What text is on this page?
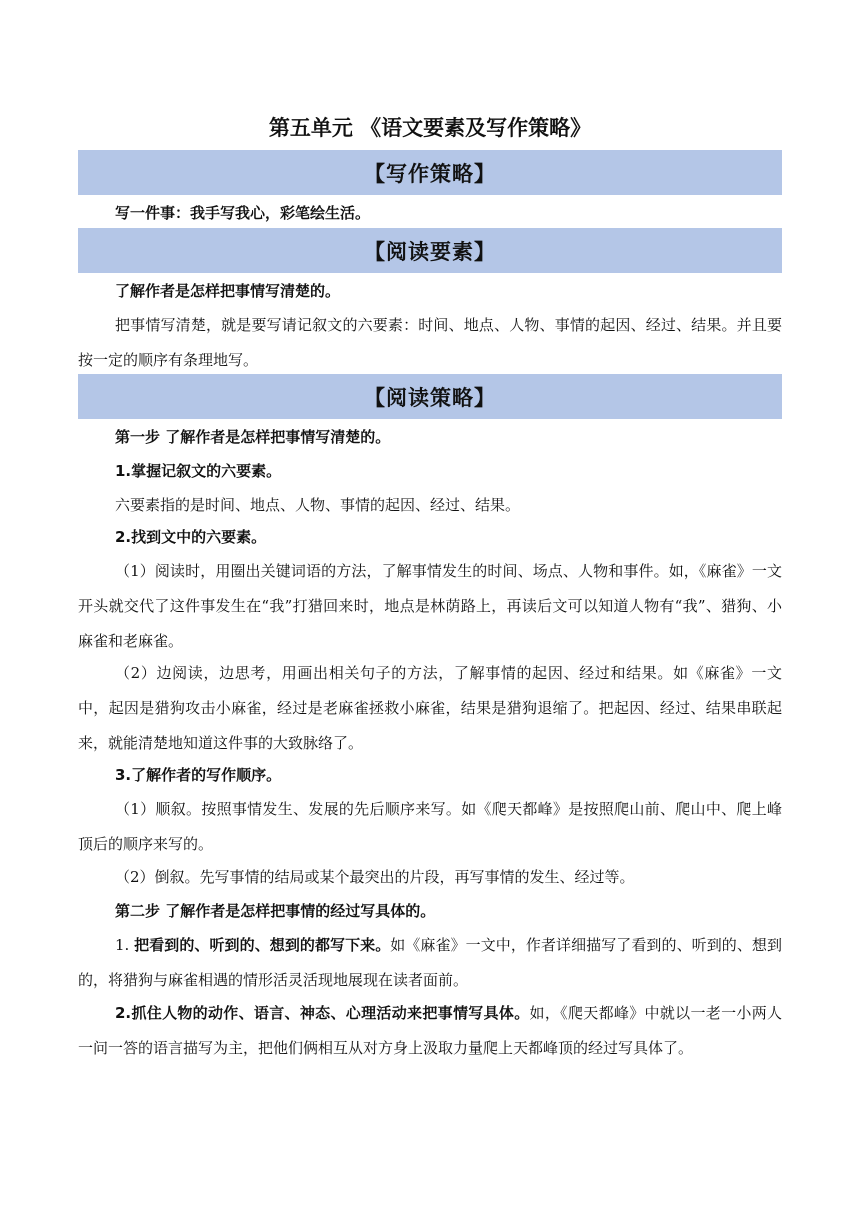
第五单元 《语文要素及写作策略》
【写作策略】
写一件事：我手写我心，彩笔绘生活。
【阅读要素】
了解作者是怎样把事情写清楚的。
把事情写清楚，就是要写请记叙文的六要素：时间、地点、人物、事情的起因、经过、结果。并且要按一定的顺序有条理地写。
【阅读策略】
第一步 了解作者是怎样把事情写清楚的。
1.掌握记叙文的六要素。
六要素指的是时间、地点、人物、事情的起因、经过、结果。
2.找到文中的六要素。
（1）阅读时，用圈出关键词语的方法，了解事情发生的时间、场点、人物和事件。如，《麻雀》一文开头就交代了这件事发生在“我”打猎回来时，地点是林荫路上，再读后文可以知道人物有“我”、猎狗、小麻雀和老麻雀。
（2）边阅读，边思考，用画出相关句子的方法，了解事情的起因、经过和结果。如《麻雀》一文中，起因是猎狗攻击小麻雀，经过是老麻雀拯救小麻雀，结果是猎狗退缩了。把起因、经过、结果串联起来，就能清楚地知道这件事的大致脉络了。
3.了解作者的写作顺序。
（1）顺叙。按照事情发生、发展的先后顺序来写。如《爬天都峰》是按照爬山前、爬山中、爬上峰顶后的顺序来写的。
（2）倒叙。先写事情的结局或某个最突出的片段，再写事情的发生、经过等。
第二步 了解作者是怎样把事情的经过写具体的。
1. 把看到的、听到的、想到的都写下来。如《麻雀》一文中，作者详细描写了看到的、听到的、想到的，将猎狗与麻雀相遇的情形活灵活现地展现在读者面前。
2.抓住人物的动作、语言、神态、心理活动来把事情写具体。如，《爬天都峰》中就以一老一小两人一问一答的语言描写为主，把他们俩相互从对方身上汲取力量爬上天都峰顶的经过写具体了。
